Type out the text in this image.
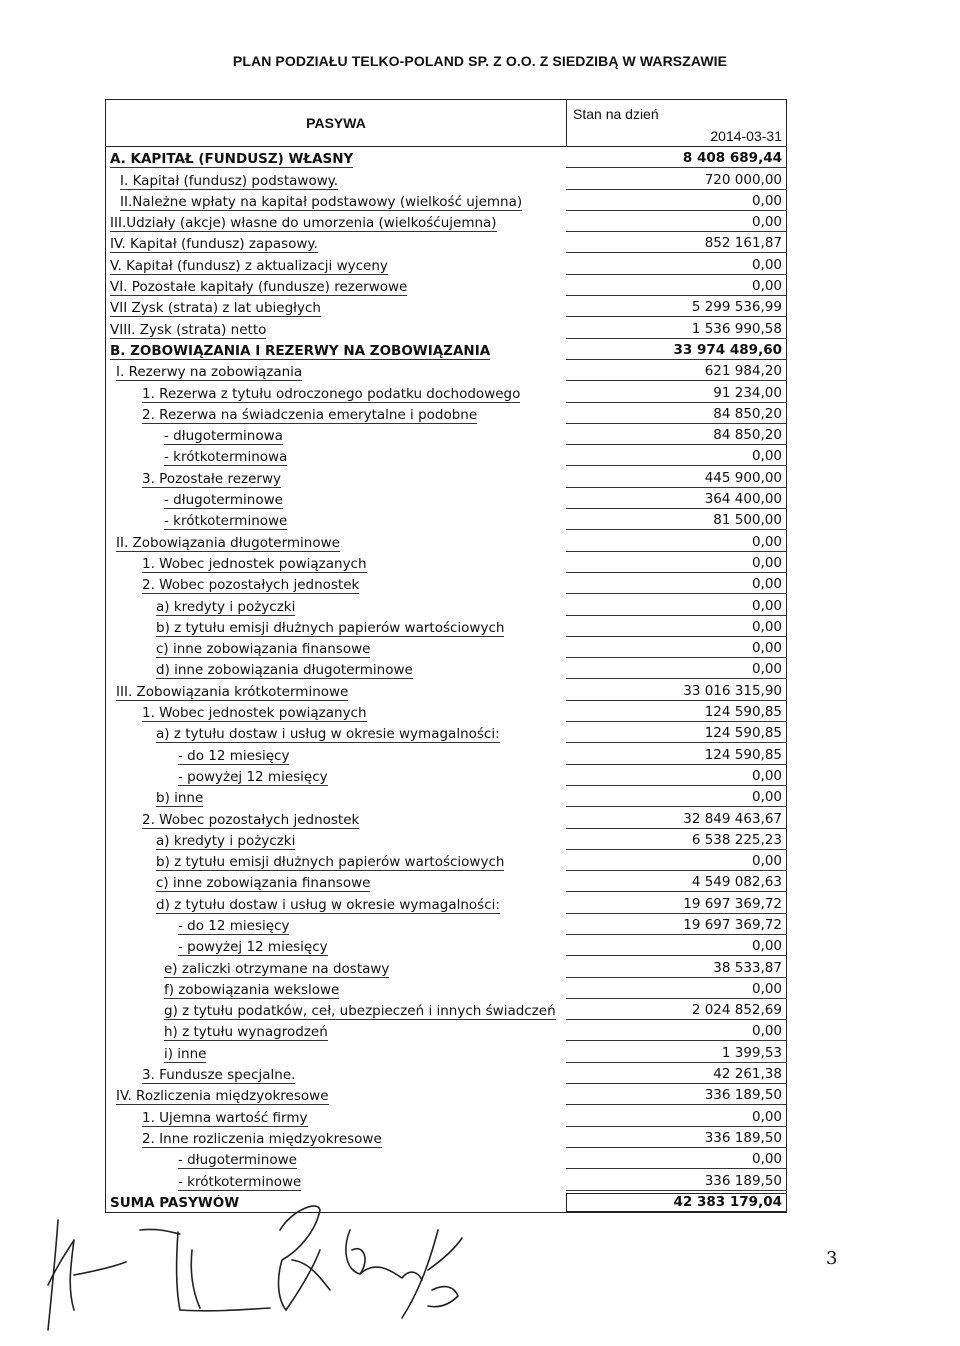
PLAN PODZIAŁU TELKO-POLAND SP. Z O.O. Z SIEDZIBĄ W WARSZAWIE
PASYWA
Stan na dzień
2014-03-31
A. KAPITAŁ (FUNDUSZ) WŁASNY	8 408 689,44
I. Kapitał (fundusz) podstawowy.	720 000,00
II.Należne wpłaty na kapitał podstawowy (wielkość ujemna)	0,00
III.Udziały (akcje) własne do umorzenia (wielkośćujemna)	0,00
IV. Kapitał (fundusz) zapasowy.	852 161,87
V. Kapitał (fundusz) z aktualizacji wyceny	0,00
VI. Pozostałe kapitały (fundusze) rezerwowe	0,00
VII Zysk (strata) z lat ubiegłych	5 299 536,99
VIII. Zysk (strata) netto	1 536 990,58
B. ZOBOWIĄZANIA I REZERWY NA ZOBOWIĄZANIA	33 974 489,60
I. Rezerwy na zobowiązania	621 984,20
1. Rezerwa z tytułu odroczonego podatku dochodowego	91 234,00
2. Rezerwa na świadczenia emerytalne i podobne	84 850,20
- długoterminowa	84 850,20
- krótkoterminowa	0,00
3. Pozostałe rezerwy	445 900,00
- długoterminowe	364 400,00
- krótkoterminowe	81 500,00
II. Zobowiązania długoterminowe	0,00
1. Wobec jednostek powiązanych	0,00
2. Wobec pozostałych jednostek	0,00
a) kredyty i pożyczki	0,00
b) z tytułu emisji dłużnych papierów wartościowych	0,00
c) inne zobowiązania finansowe	0,00
d) inne zobowiązania długoterminowe	0,00
III. Zobowiązania krótkoterminowe	33 016 315,90
1. Wobec jednostek powiązanych	124 590,85
a) z tytułu dostaw i usług w okresie wymagalności:	124 590,85
- do 12 miesięcy	124 590,85
- powyżej 12 miesięcy	0,00
b) inne	0,00
2. Wobec pozostałych jednostek	32 849 463,67
a) kredyty i pożyczki	6 538 225,23
b) z tytułu emisji dłużnych papierów wartościowych	0,00
c) inne zobowiązania finansowe	4 549 082,63
d) z tytułu dostaw i usług w okresie wymagalności:	19 697 369,72
- do 12 miesięcy	19 697 369,72
- powyżej 12 miesięcy	0,00
e) zaliczki otrzymane na dostawy	38 533,87
f) zobowiązania wekslowe	0,00
g) z tytułu podatków, ceł, ubezpieczeń i innych świadczeń	2 024 852,69
h) z tytułu wynagrodzeń	0,00
i) inne	1 399,53
3. Fundusze specjalne.	42 261,38
IV. Rozliczenia międzyokresowe	336 189,50
1. Ujemna wartość firmy	0,00
2. Inne rozliczenia międzyokresowe	336 189,50
- długoterminowe	0,00
- krótkoterminowe	336 189,50
SUMA PASYWÓW	42 383 179,04
3
